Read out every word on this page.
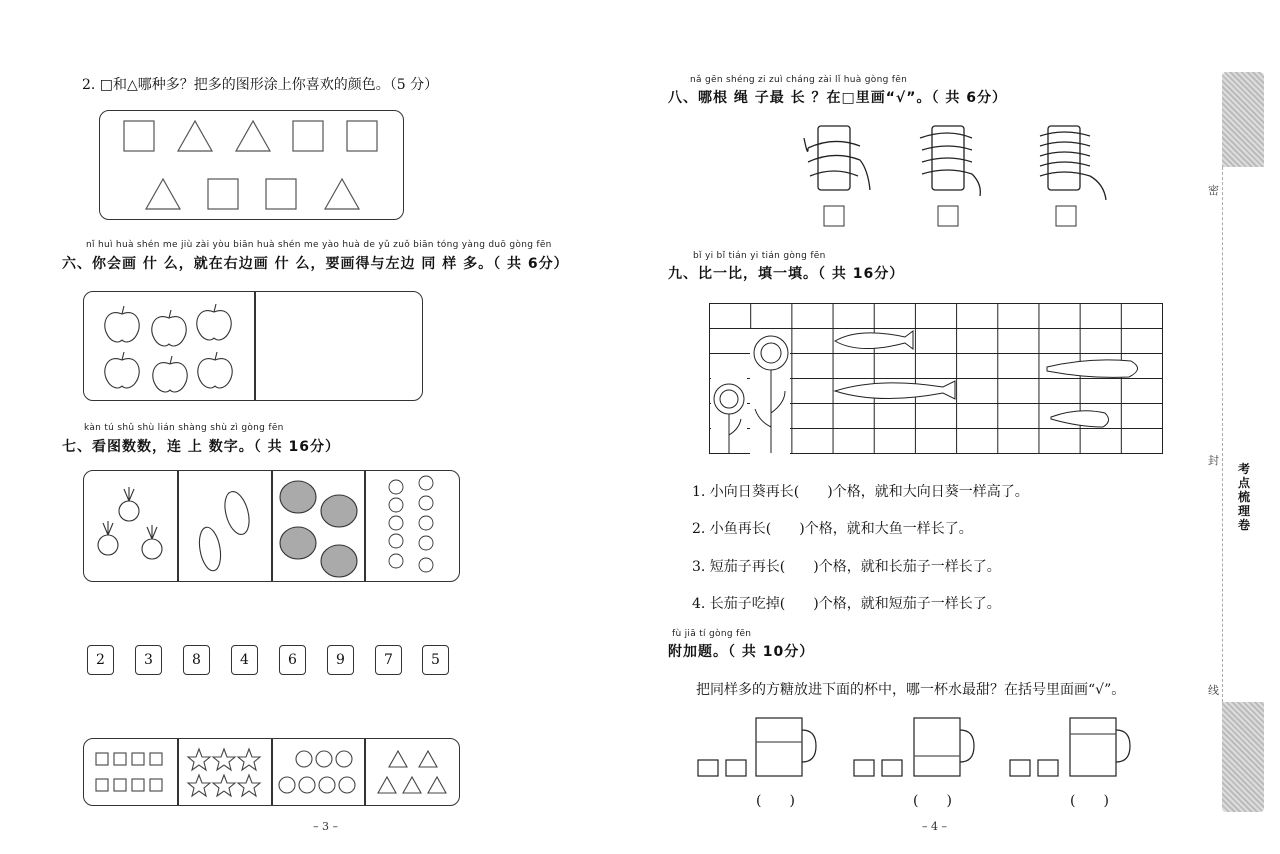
2. □和△哪种多？把多的图形涂上你喜欢的颜色。（5 分）
nǐ huì huà shén me jiù zài yòu biān huà shén me yào huà de yǔ zuǒ biān tóng yàng duō gòng fēn
六、你会画 什 么，就在右边画 什 么，要画得与左边 同 样 多。（ 共 6分）
kàn tú shǔ shù lián shàng shù zì gòng fēn
七、看图数数，连 上 数字。（ 共 16分）
2	3	8	4	6	9	7	5
– 3 –
nǎ gēn shéng zi zuì cháng zài lǐ huà gòng fēn
八、哪根 绳 子最 长 ？在□里画“√”。（ 共 6分）
bǐ yi bǐ tián yi tián gòng fēn
九、比一比，填一填。（ 共 16分）
1. 小向日葵再长(　　)个格，就和大向日葵一样高了。
2. 小鱼再长(　　)个格，就和大鱼一样长了。
3. 短茄子再长(　　)个格，就和长茄子一样长了。
4. 长茄子吃掉(　　)个格，就和短茄子一样长了。
fù jiā tí gòng fēn
附加题。（ 共 10分）
把同样多的方糖放进下面的杯中，哪一杯水最甜？在括号里面画“√”。
(　　)	(　　)	(　　)
– 4 –
密
封
线
考点梳理卷
